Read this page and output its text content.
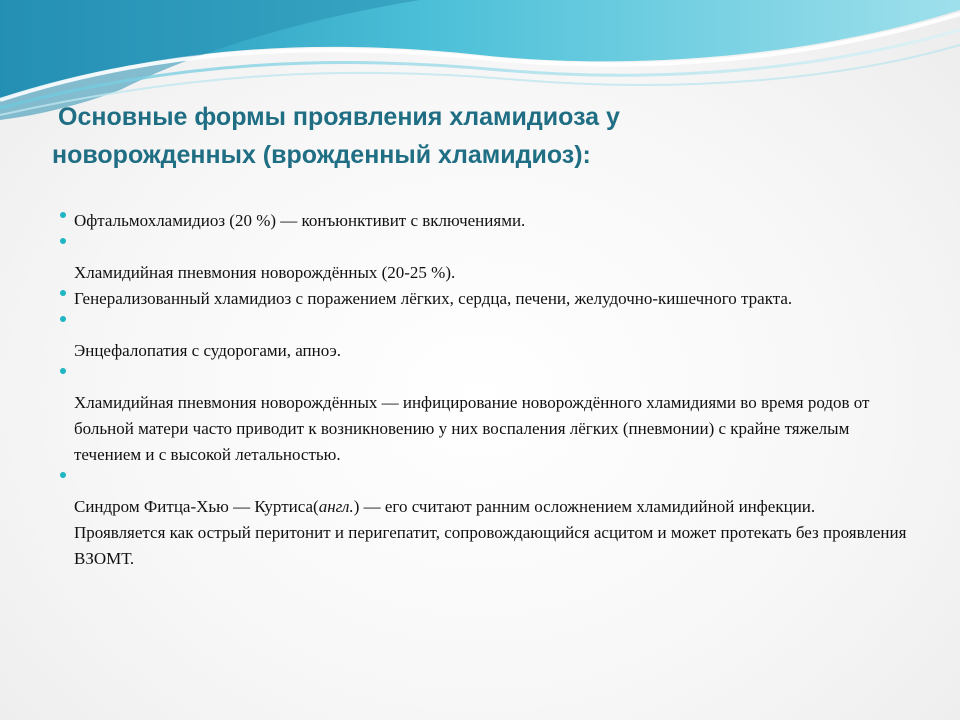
Основные формы проявления хламидиоза у
новорожденных (врожденный хламидиоз):
Офтальмохламидиоз (20 %) — конъюнктивит с включениями.

Хламидийная пневмония новорождённых (20-25 %).
Генерализованный хламидиоз с поражением лёгких, сердца, печени, желудочно-кишечного тракта.

Энцефалопатия с судорогами, апноэ.

Хламидийная пневмония новорождённых — инфицирование новорождённого хламидиями во время родов от больной матери часто приводит к возникновению у них воспаления лёгких (пневмонии) с крайне тяжелым течением и с высокой летальностью.

Синдром Фитца-Хью — Куртиса(англ.) — его считают ранним осложнением хламидийной инфекции. Проявляется как острый перитонит и перигепатит, сопровождающийся асцитом и может протекать без проявления ВЗОМТ.
